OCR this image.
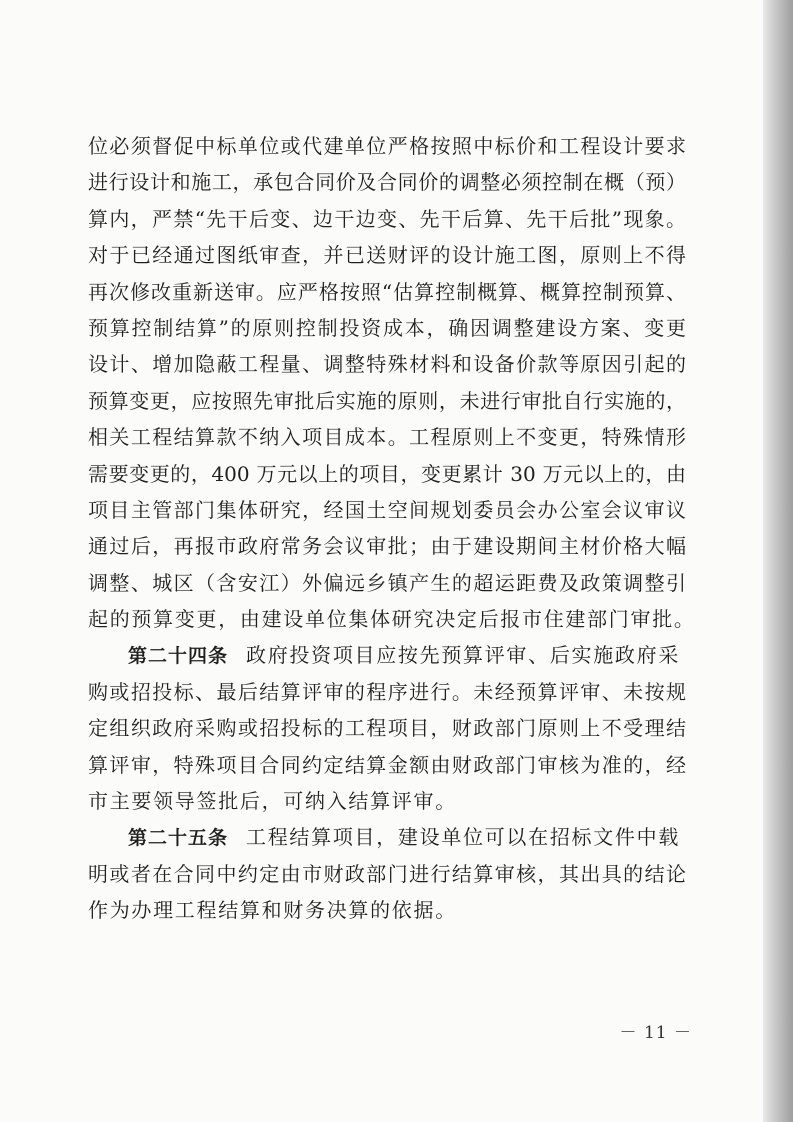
位必须督促中标单位或代建单位严格按照中标价和工程设计要求
进行设计和施工，承包合同价及合同价的调整必须控制在概（预）
算内，严禁“先干后变、边干边变、先干后算、先干后批”现象。
对于已经通过图纸审查，并已送财评的设计施工图，原则上不得
再次修改重新送审。应严格按照“估算控制概算、概算控制预算、
预算控制结算”的原则控制投资成本，确因调整建设方案、变更
设计、增加隐蔽工程量、调整特殊材料和设备价款等原因引起的
预算变更，应按照先审批后实施的原则，未进行审批自行实施的，
相关工程结算款不纳入项目成本。工程原则上不变更，特殊情形
需要变更的，400 万元以上的项目，变更累计 30 万元以上的，由
项目主管部门集体研究，经国土空间规划委员会办公室会议审议
通过后，再报市政府常务会议审批；由于建设期间主材价格大幅
调整、城区（含安江）外偏远乡镇产生的超运距费及政策调整引
起的预算变更，由建设单位集体研究决定后报市住建部门审批。
第二十四条 政府投资项目应按先预算评审、后实施政府采
购或招投标、最后结算评审的程序进行。未经预算评审、未按规
定组织政府采购或招投标的工程项目，财政部门原则上不受理结
算评审，特殊项目合同约定结算金额由财政部门审核为准的，经
市主要领导签批后，可纳入结算评审。
第二十五条 工程结算项目，建设单位可以在招标文件中载
明或者在合同中约定由市财政部门进行结算审核，其出具的结论
作为办理工程结算和财务决算的依据。
－ 11 －
